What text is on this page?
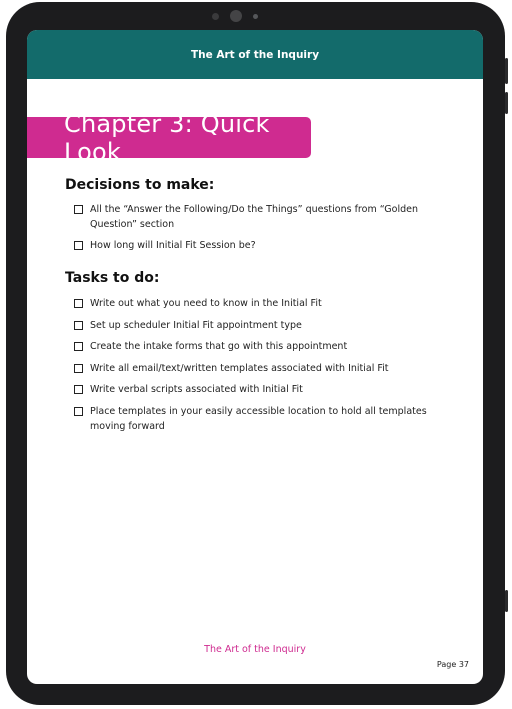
The Art of the Inquiry
Chapter 3: Quick Look
Decisions to make:
All the “Answer the Following/Do the Things” questions from “Golden Question” section
How long will Initial Fit Session be?
Tasks to do:
Write out what you need to know in the Initial Fit
Set up scheduler Initial Fit appointment type
Create the intake forms that go with this appointment
Write all email/text/written templates associated with Initial Fit
Write verbal scripts associated with Initial Fit
Place templates in your easily accessible location to hold all templates moving forward
The Art of the Inquiry
Page 37
